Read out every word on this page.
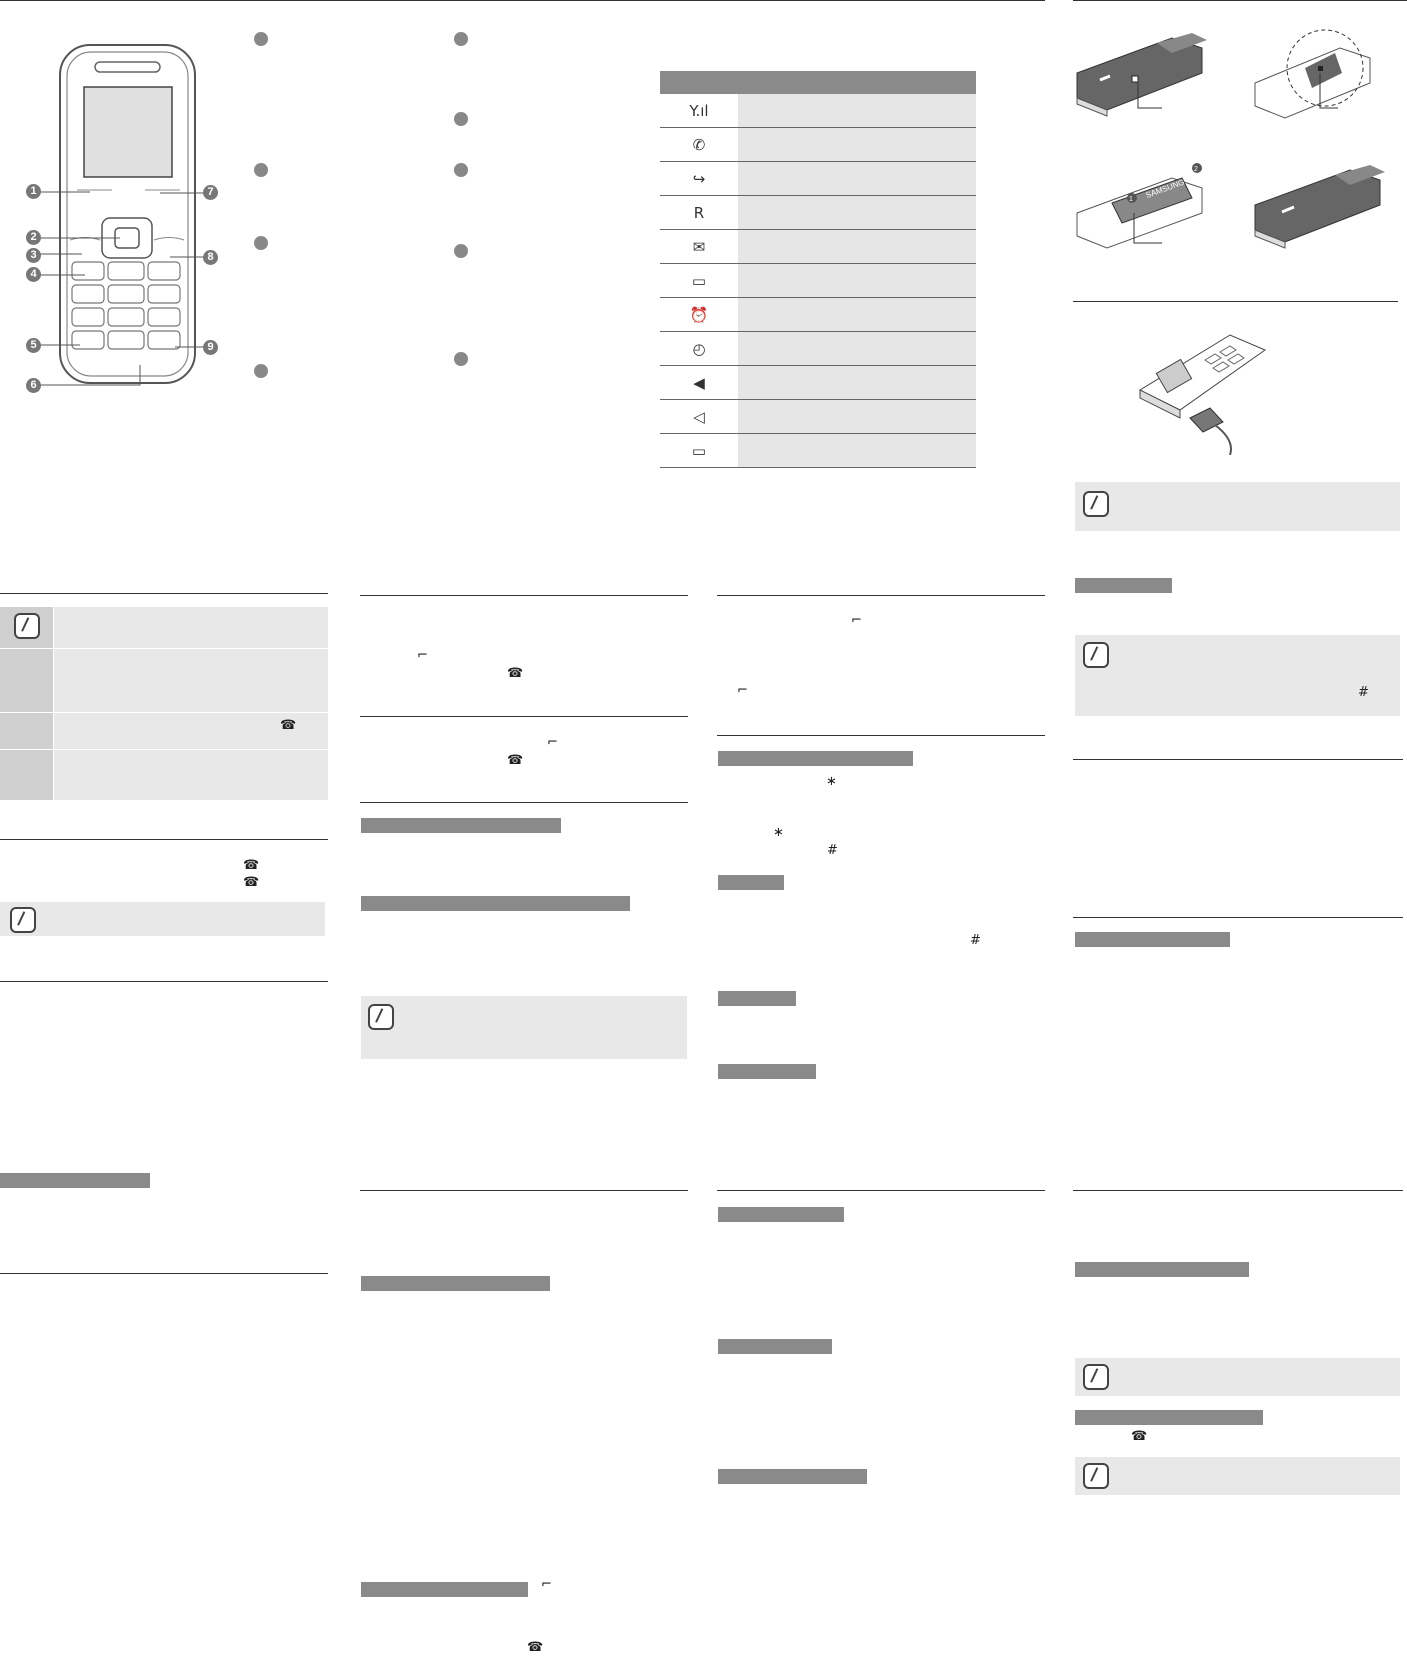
1
2
3
4
5
6
7
8
9

Y.ıl	
✆	
↪	
R	
✉	
▭	
⏰	
◴	
◀	
◁	
▭	
SAMSUNG
1
2
#
☎
☎
☎
☎
⌐
☎
⌐
☎
⌐
☎
⌐
⌐
∗
∗
#
#
